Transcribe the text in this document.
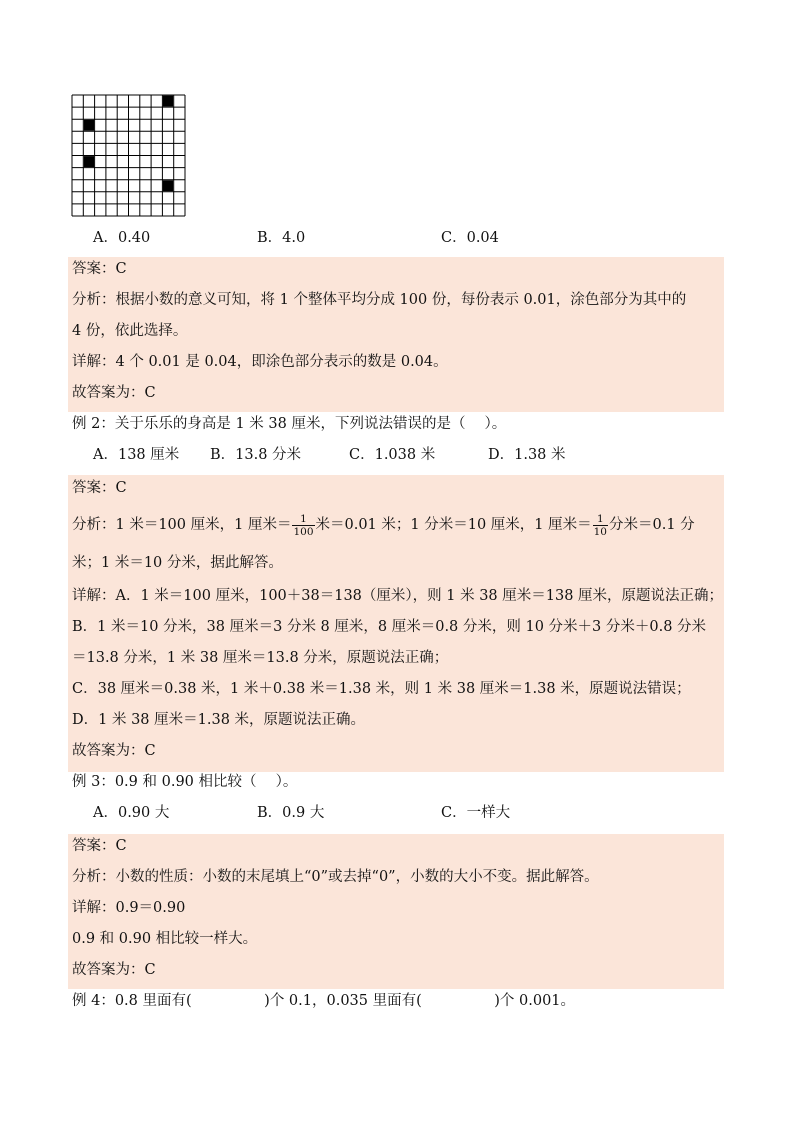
A．0.40	B．4.0	C．0.04
答案：C
分析：根据小数的意义可知，将 1 个整体平均分成 100 份，每份表示 0.01，涂色部分为其中的
4 份，依此选择。
详解：4 个 0.01 是 0.04，即涂色部分表示的数是 0.04。
故答案为：C
例 2：关于乐乐的身高是 1 米 38 厘米，下列说法错误的是（　 ）。
A．138 厘米 B．13.8 分米	C．1.038 米	D．1.38 米
答案：C
分析：1 米＝100 厘米，1 厘米＝ $\frac{1}{100}$ 米＝0.01 米；1 分米＝10 厘米，1 厘米＝ $\frac{1}{10}$ 分米＝0.1 分
米；1 米＝10 分米，据此解答。
详解：A．1 米＝100 厘米，100＋38＝138（厘米），则 1 米 38 厘米＝138 厘米，原题说法正确；
B．1 米＝10 分米，38 厘米＝3 分米 8 厘米，8 厘米＝0.8 分米，则 10 分米＋3 分米＋0.8 分米
＝13.8 分米，1 米 38 厘米＝13.8 分米，原题说法正确；
C．38 厘米＝0.38 米，1 米＋0.38 米＝1.38 米，则 1 米 38 厘米＝1.38 米，原题说法错误；
D．1 米 38 厘米＝1.38 米，原题说法正确。
故答案为：C
例 3：0.9 和 0.90 相比较（　 ）。
A．0.90 大	B．0.9 大	C．一样大
答案：C
分析：小数的性质：小数的末尾填上“0”或去掉“0”，小数的大小不变。据此解答。
详解：0.9＝0.90
0.9 和 0.90 相比较一样大。
故答案为：C
例 4：0.8 里面有(　　　　　)个 0.1，0.035 里面有(　　　　　)个 0.001。
